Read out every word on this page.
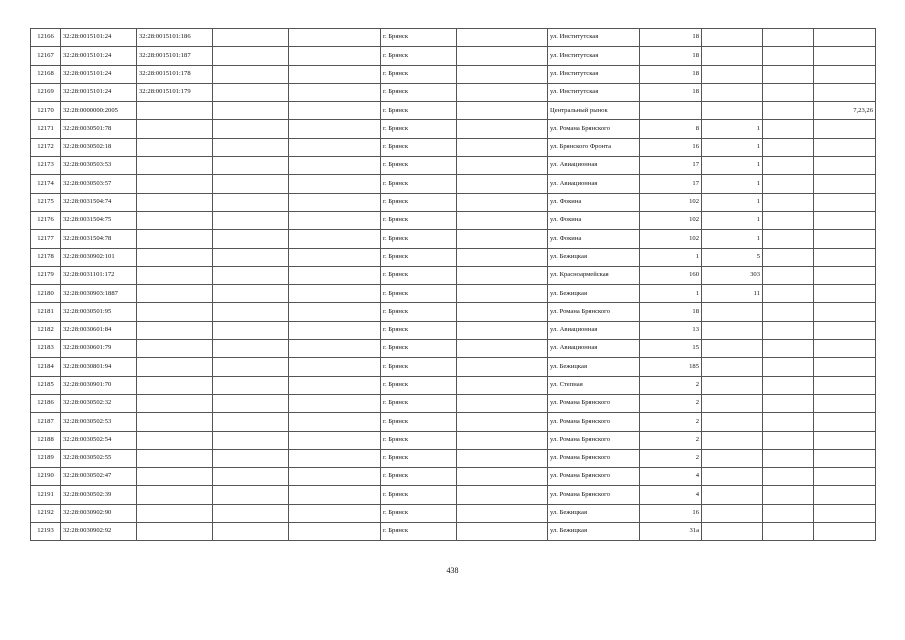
12166	32:28:0015101:24	32:28:0015101:186			г. Брянск		ул. Институтская	18			
12167	32:28:0015101:24	32:28:0015101:187			г. Брянск		ул. Институтская	18			
12168	32:28:0015101:24	32:28:0015101:178			г. Брянск		ул. Институтская	18			
12169	32:28:0015101:24	32:28:0015101:179			г. Брянск		ул. Институтская	18			
12170	32:28:0000000:2005				г. Брянск		Центральный рынок				7,23,26
12171	32:28:0030501:78				г. Брянск		ул. Романа Брянского	8	1		
12172	32:28:0030502:18				г. Брянск		ул. Брянского Фронта	16	1		
12173	32:28:0030503:53				г. Брянск		ул. Авиационная	17	1		
12174	32:28:0030503:57				г. Брянск		ул. Авиационная	17	1		
12175	32:28:0031504:74				г. Брянск		ул. Фокина	102	1		
12176	32:28:0031504:75				г. Брянск		ул. Фокина	102	1		
12177	32:28:0031504:78				г. Брянск		ул. Фокина	102	1		
12178	32:28:0030902:101				г. Брянск		ул. Бежицкая	1	5		
12179	32:28:0031101:172				г. Брянск		ул. Красноармейская	160	303		
12180	32:28:0030903:1887				г. Брянск		ул. Бежицкая	1	11		
12181	32:28:0030501:95				г. Брянск		ул. Романа Брянского	18			
12182	32:28:0030601:84				г. Брянск		ул. Авиационная	13			
12183	32:28:0030601:79				г. Брянск		ул. Авиационная	15			
12184	32:28:0030801:94				г. Брянск		ул. Бежицкая	185			
12185	32:28:0030901:70				г. Брянск		ул. Степная	2			
12186	32:28:0030502:32				г. Брянск		ул. Романа Брянского	2			
12187	32:28:0030502:53				г. Брянск		ул. Романа Брянского	2			
12188	32:28:0030502:54				г. Брянск		ул. Романа Брянского	2			
12189	32:28:0030502:55				г. Брянск		ул. Романа Брянского	2			
12190	32:28:0030502:47				г. Брянск		ул. Романа Брянского	4			
12191	32:28:0030502:39				г. Брянск		ул. Романа Брянского	4			
12192	32:28:0030902:90				г. Брянск		ул. Бежицкая	16			
12193	32:28:0030902:92				г. Брянск		ул. Бежицкая	31а			
438
